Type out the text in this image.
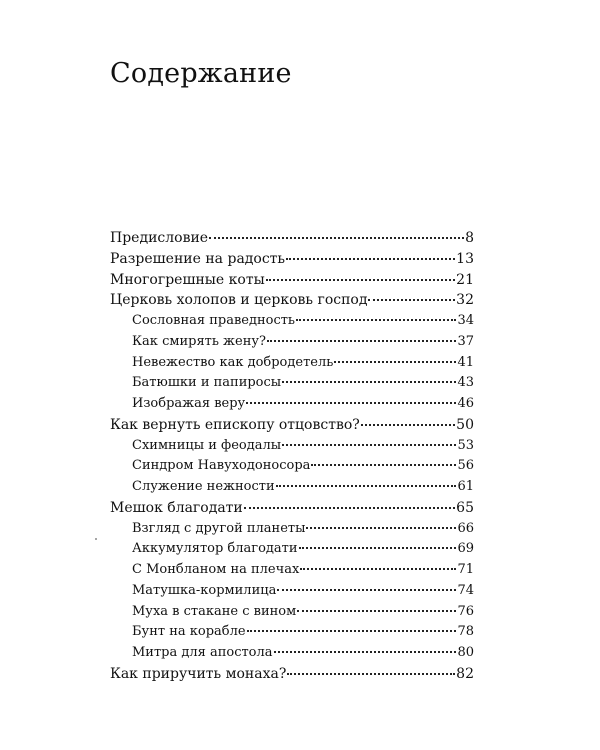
Содержание
Предисловие	8
Разрешение на радость	13
Многогрешные коты	21
Церковь холопов и церковь господ	32
Сословная праведность	34
Как смирять жену?	37
Невежество как добродетель	41
Батюшки и папиросы	43
Изображая веру	46
Как вернуть епископу отцовство?	50
Схимницы и феодалы	53
Синдром Навуходоносора	56
Служение нежности	61
Мешок благодати	65
Взгляд с другой планеты	66
Аккумулятор благодати	69
С Монбланом на плечах	71
Матушка-кормилица	74
Муха в стакане с вином	76
Бунт на корабле	78
Митра для апостола	80
Как приручить монаха?	82
